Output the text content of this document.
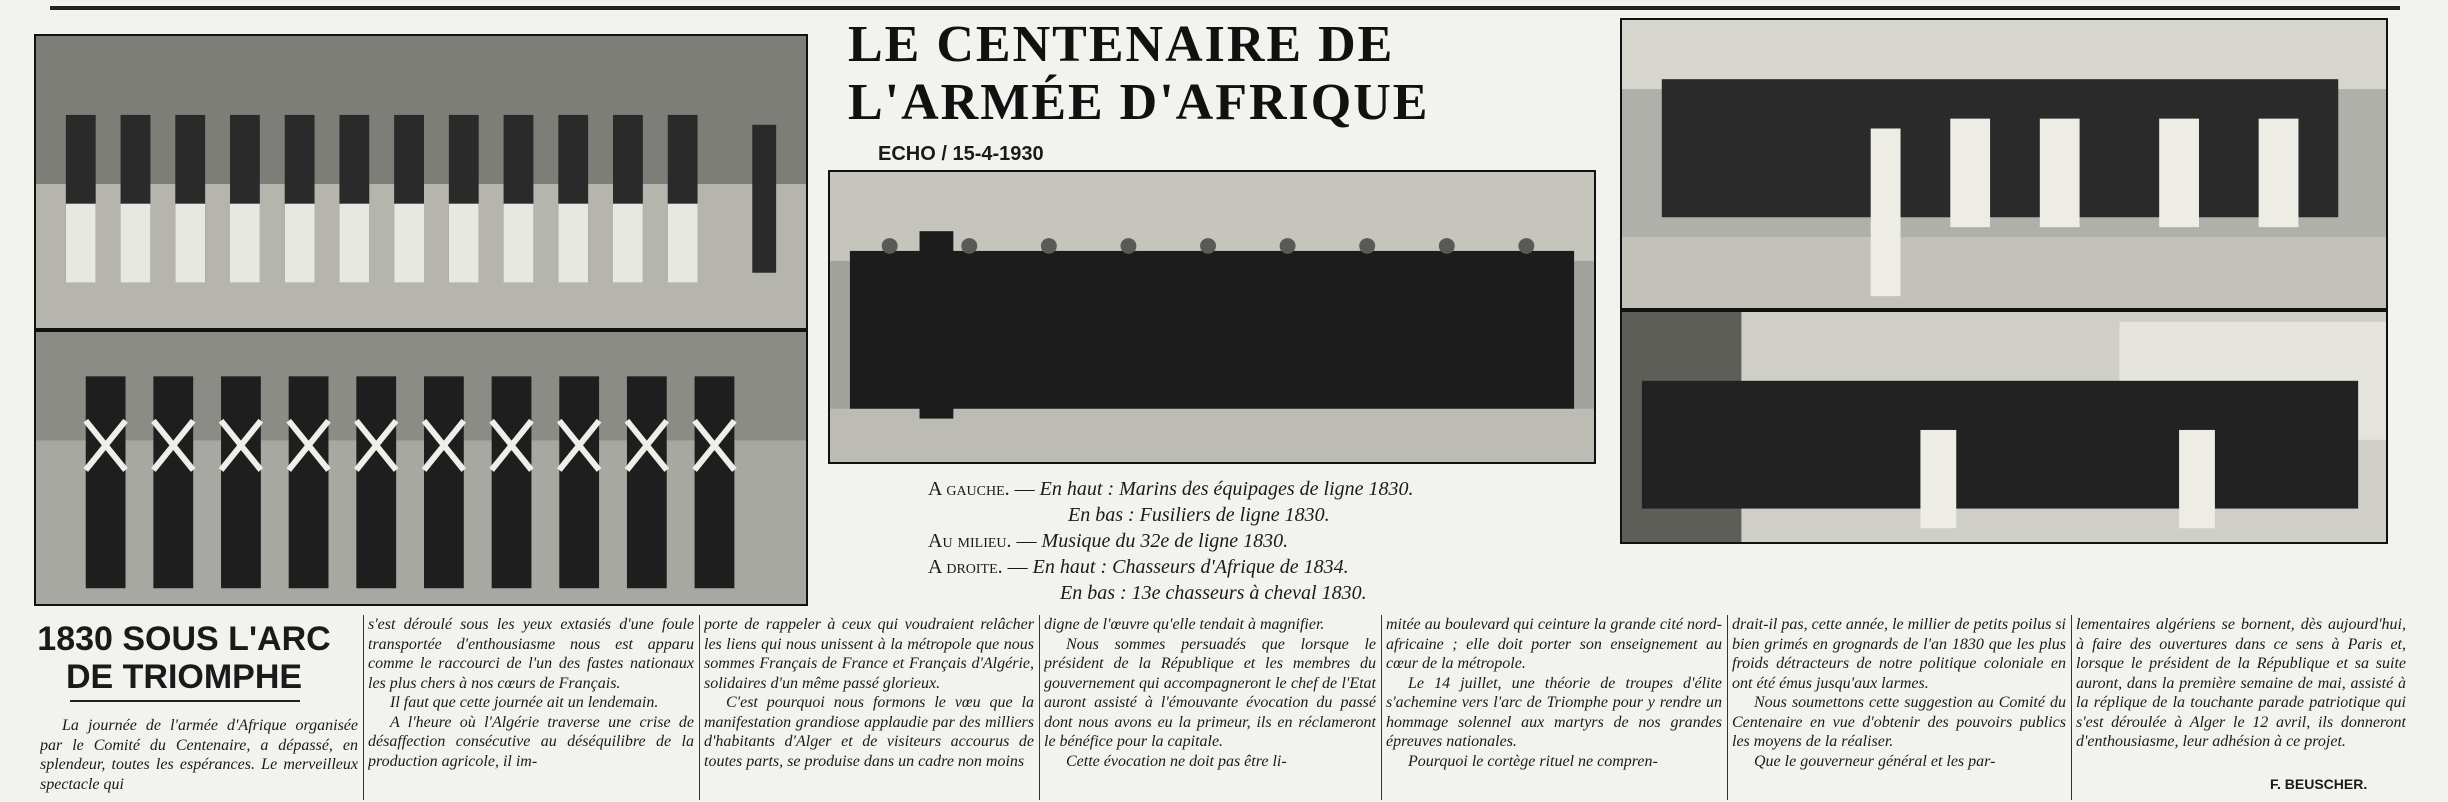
LE CENTENAIRE DE
L'ARMÉE D'AFRIQUE
ECHO / 15-4-1930
A gauche. — En haut : Marins des équipages de ligne 1830.
En bas : Fusiliers de ligne 1830.
Au milieu. — Musique du 32e de ligne 1830.
A droite. — En haut : Chasseurs d'Afrique de 1834.
En bas : 13e chasseurs à cheval 1830.
1830 SOUS L'ARC
DE TRIOMPHE

La journée de l'armée d'Afrique organisée par le Comité du Centenaire, a dépassé, en splendeur, toutes les espérances. Le merveilleux spectacle qui

s'est déroulé sous les yeux extasiés d'une foule transportée d'enthousiasme nous est apparu comme le raccourci de l'un des fastes nationaux les plus chers à nos cœurs de Français.

Il faut que cette journée ait un lendemain.

A l'heure où l'Algérie traverse une crise de désaffection consécutive au déséquilibre de la production agricole, il im-

porte de rappeler à ceux qui voudraient relâcher les liens qui nous unissent à la métropole que nous sommes Français de France et Français d'Algérie, solidaires d'un même passé glorieux.

C'est pourquoi nous formons le vœu que la manifestation grandiose applaudie par des milliers d'habitants d'Alger et de visiteurs accourus de toutes parts, se produise dans un cadre non moins

digne de l'œuvre qu'elle tendait à magnifier.

Nous sommes persuadés que lorsque le président de la République et les membres du gouvernement qui accompagneront le chef de l'Etat auront assisté à l'émouvante évocation du passé dont nous avons eu la primeur, ils en réclameront le bénéfice pour la capitale.

Cette évocation ne doit pas être li-

mitée au boulevard qui ceinture la grande cité nord-africaine ; elle doit porter son enseignement au cœur de la métropole.

Le 14 juillet, une théorie de troupes d'élite s'achemine vers l'arc de Triomphe pour y rendre un hommage solennel aux martyrs de nos grandes épreuves nationales.

Pourquoi le cortège rituel ne compren-

drait-il pas, cette année, le millier de petits poilus si bien grimés en grognards de l'an 1830 que les plus froids détracteurs de notre politique coloniale en ont été émus jusqu'aux larmes.

Nous soumettons cette suggestion au Comité du Centenaire en vue d'obtenir des pouvoirs publics les moyens de la réaliser.

Que le gouverneur général et les par-

lementaires algériens se bornent, dès aujourd'hui, à faire des ouvertures dans ce sens à Paris et, lorsque le président de la République et sa suite auront, dans la première semaine de mai, assisté à la réplique de la touchante parade patriotique qui s'est déroulée à Alger le 12 avril, ils donneront d'enthousiasme, leur adhésion à ce projet.

F. BEUSCHER.
